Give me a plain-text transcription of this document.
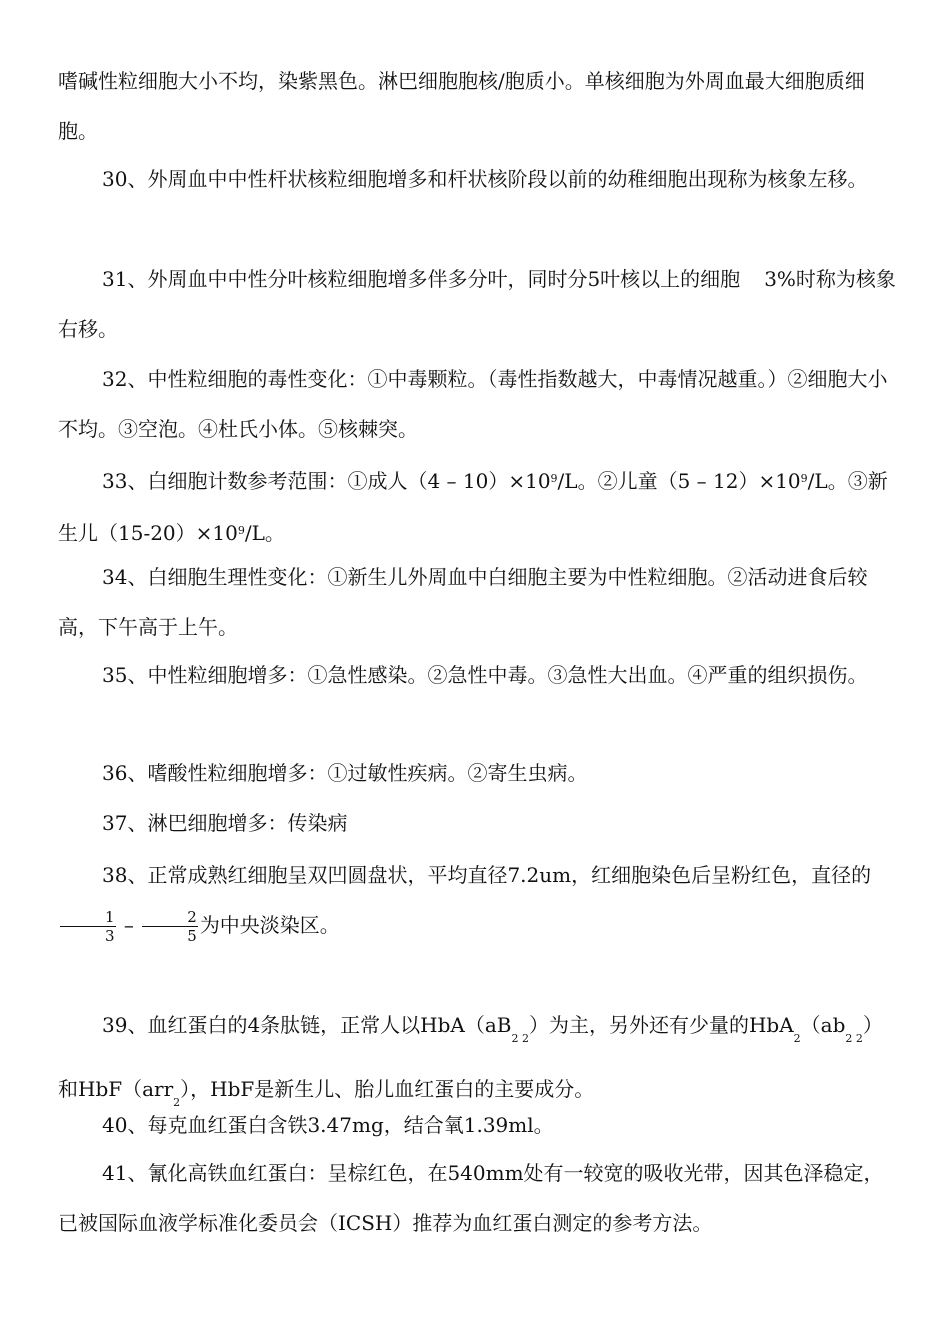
嗜碱性粒细胞大小不均，染紫黑色。淋巴细胞胞核/胞质小。单核细胞为外周血最大细胞质细胞。

30、外周血中中性杆状核粒细胞增多和杆状核阶段以前的幼稚细胞出现称为核象左移。

31、外周血中中性分叶核粒细胞增多伴多分叶，同时分5叶核以上的细胞 3%时称为核象右移。

32、中性粒细胞的毒性变化：①中毒颗粒。（毒性指数越大，中毒情况越重。）②细胞大小不均。③空泡。④杜氏小体。⑤核棘突。

33、白细胞计数参考范围：①成人$(4 - 10)\times 10^9/L$。②儿童$(5 - 12)\times 10^9/L$。③新生儿$(15-20)\times 10^9/L$。

34、白细胞生理性变化：①新生儿外周血中白细胞主要为中性粒细胞。②活动进食后较高，下午高于上午。

35、中性粒细胞增多：①急性感染。②急性中毒。③急性大出血。④严重的组织损伤。

36、嗜酸性粒细胞增多：①过敏性疾病。②寄生虫病。

37、淋巴细胞增多：传染病

38、正常成熟红细胞呈双凹圆盘状，平均直径7.2um，红细胞染色后呈粉红色，直径的
$\frac{1}{3} - \frac{2}{5}$ 为中央淡染区。

39、血红蛋白的4条肽链，正常人以$HbA(aB_{2 2})$为主，另外还有少量的$HbA_2(ab_{2 2})$和HbF（arr$_2$），HbF是新生儿、胎儿血红蛋白的主要成分。

40、每克血红蛋白含铁3.47mg，结合氧1.39ml。

41、氰化高铁血红蛋白：呈棕红色，在540mm处有一较宽的吸收光带，因其色泽稳定，已被国际血液学标准化委员会（ICSH）推荐为血红蛋白测定的参考方法。
